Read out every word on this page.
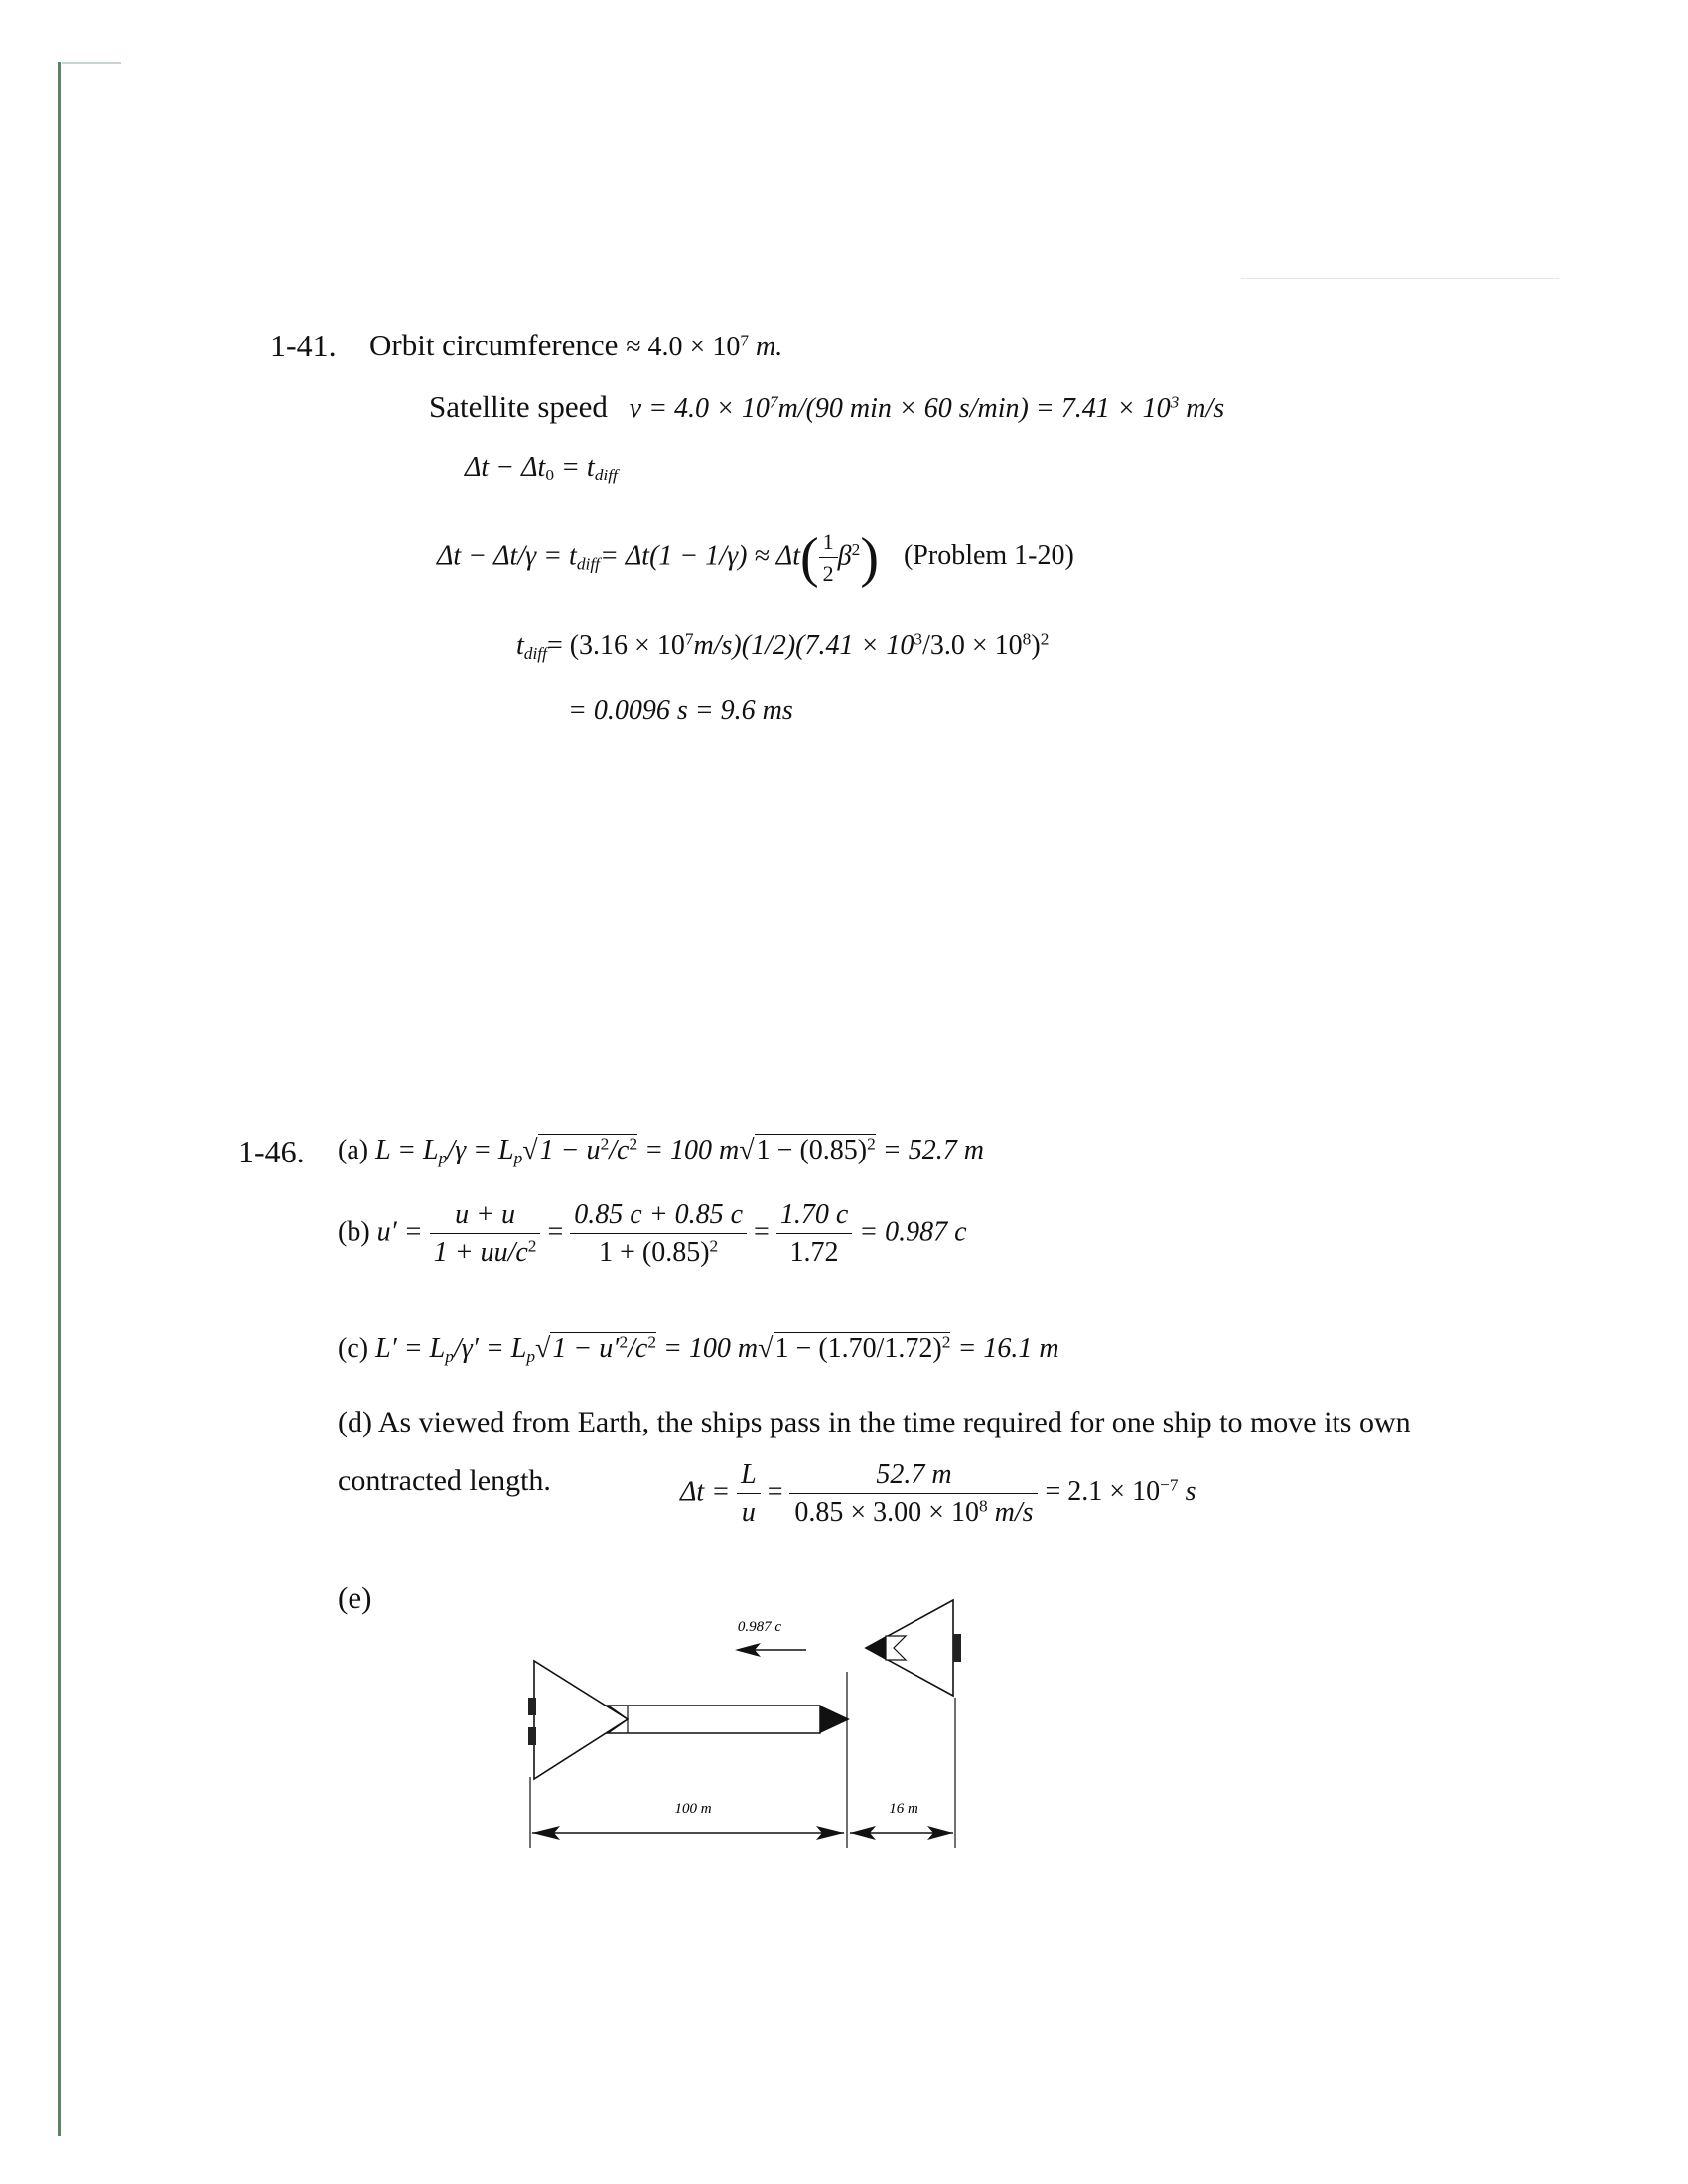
1-41. Orbit circumference ≈ $4.0 \times 10^7$ m.
Satellite speed $v = 4.0 \times 10^7m/(90$ min × 60 $s/\min) = 7.41 \times 10^3$ m/s
$\Delta t - \Delta t_0 = t_{diff}$
$\Delta t - \Delta t/\gamma = t_{diff}= \Delta t(1 - 1/\gamma) \approx \Delta t( \frac{1}{2} \beta^2)$ (Problem 1-20)
$t_{diff}= (3.16 \times 10^7m/s)(1/2)(7.41 \times 10^3/3.0 \times 10^8)^2$
= 0.0096 s = 9.6 ms
1-46. (a) $L = L_p/\gamma = L_p√1 - u^2/c^2 = 100$ $m√1 - (0.85)^2 = 52.7$ m
(b) $u' = \frac{u + u}{1 + uu/c^2} = \frac{0.85 c + 0.85 c}{1 + (0.85)^2} = \frac{1.70 c}{1.72} = 0.987$ c
(c) $L' = L_p/\gamma' = L_p√1 - u'^2/c^2 = 100$ $m√1 - (1.70/1.72)^2 = 16.1$ m
(d) As viewed from Earth, the ships pass in the time required for one ship to move its own
contracted length.	$\Delta t = \frac{L}{u} = \frac{52.7 m}{0.85 \times 3.00 \times 10^8 m/s} = 2.1 \times 10^{-7}$ s
(e)
0.987 c
100 m	16 m
